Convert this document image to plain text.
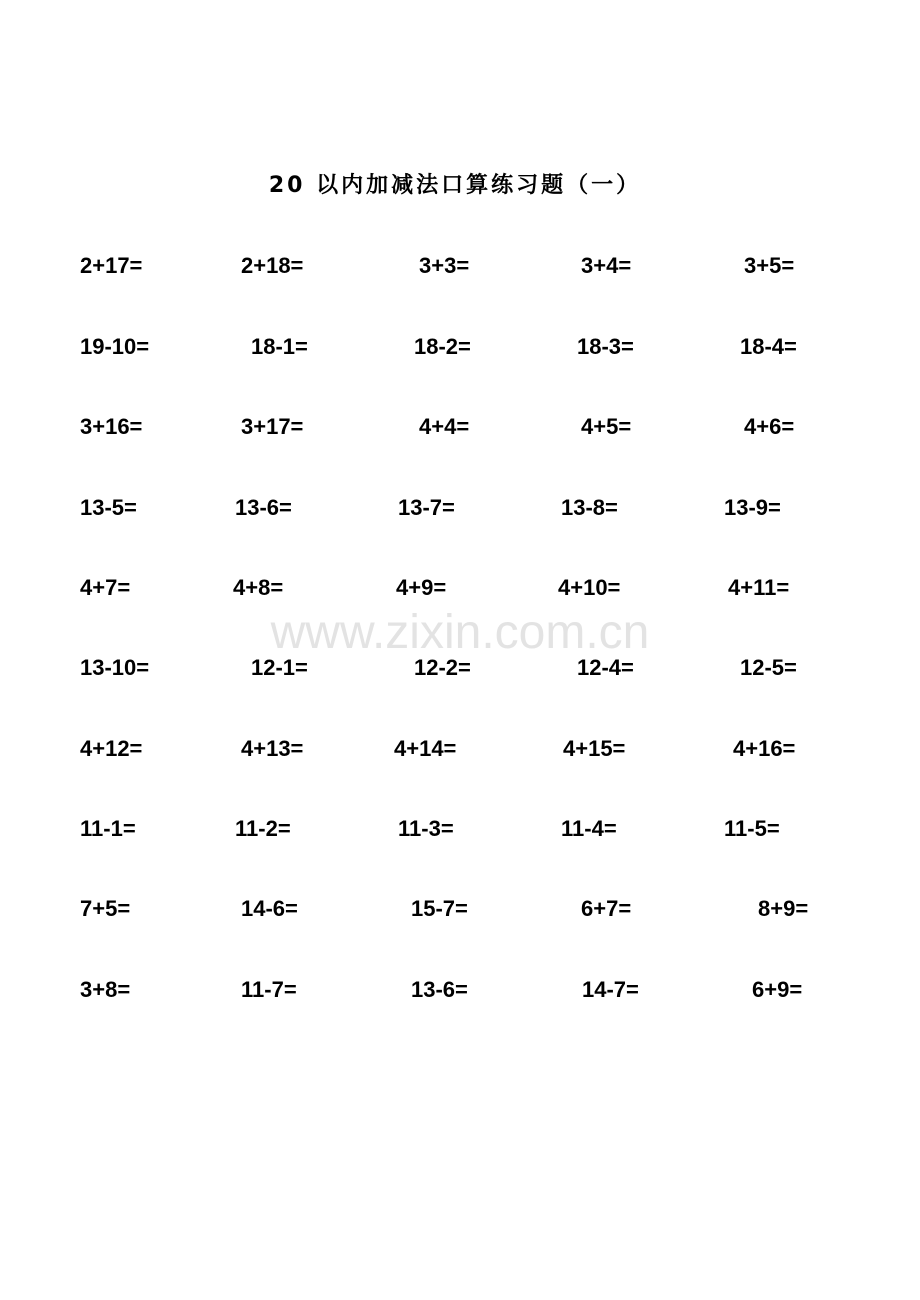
20 以内加减法口算练习题（一）
2+17=	2+18=	3+3=	3+4=	3+5=
19-10=	18-1=	18-2=	18-3=	18-4=
3+16=	3+17=	4+4=	4+5=	4+6=
13-5=	13-6=	13-7=	13-8=	13-9=
4+7=	4+8=	4+9=	4+10=	4+11=
13-10=	12-1=	12-2=	12-4=	12-5=
4+12=	4+13=	4+14=	4+15=	4+16=
11-1=	11-2=	11-3=	11-4=	11-5=
7+5=	14-6=	15-7=	6+7=	8+9=
3+8=	11-7=	13-6=	14-7=	6+9=
www.zixin.com.cn
